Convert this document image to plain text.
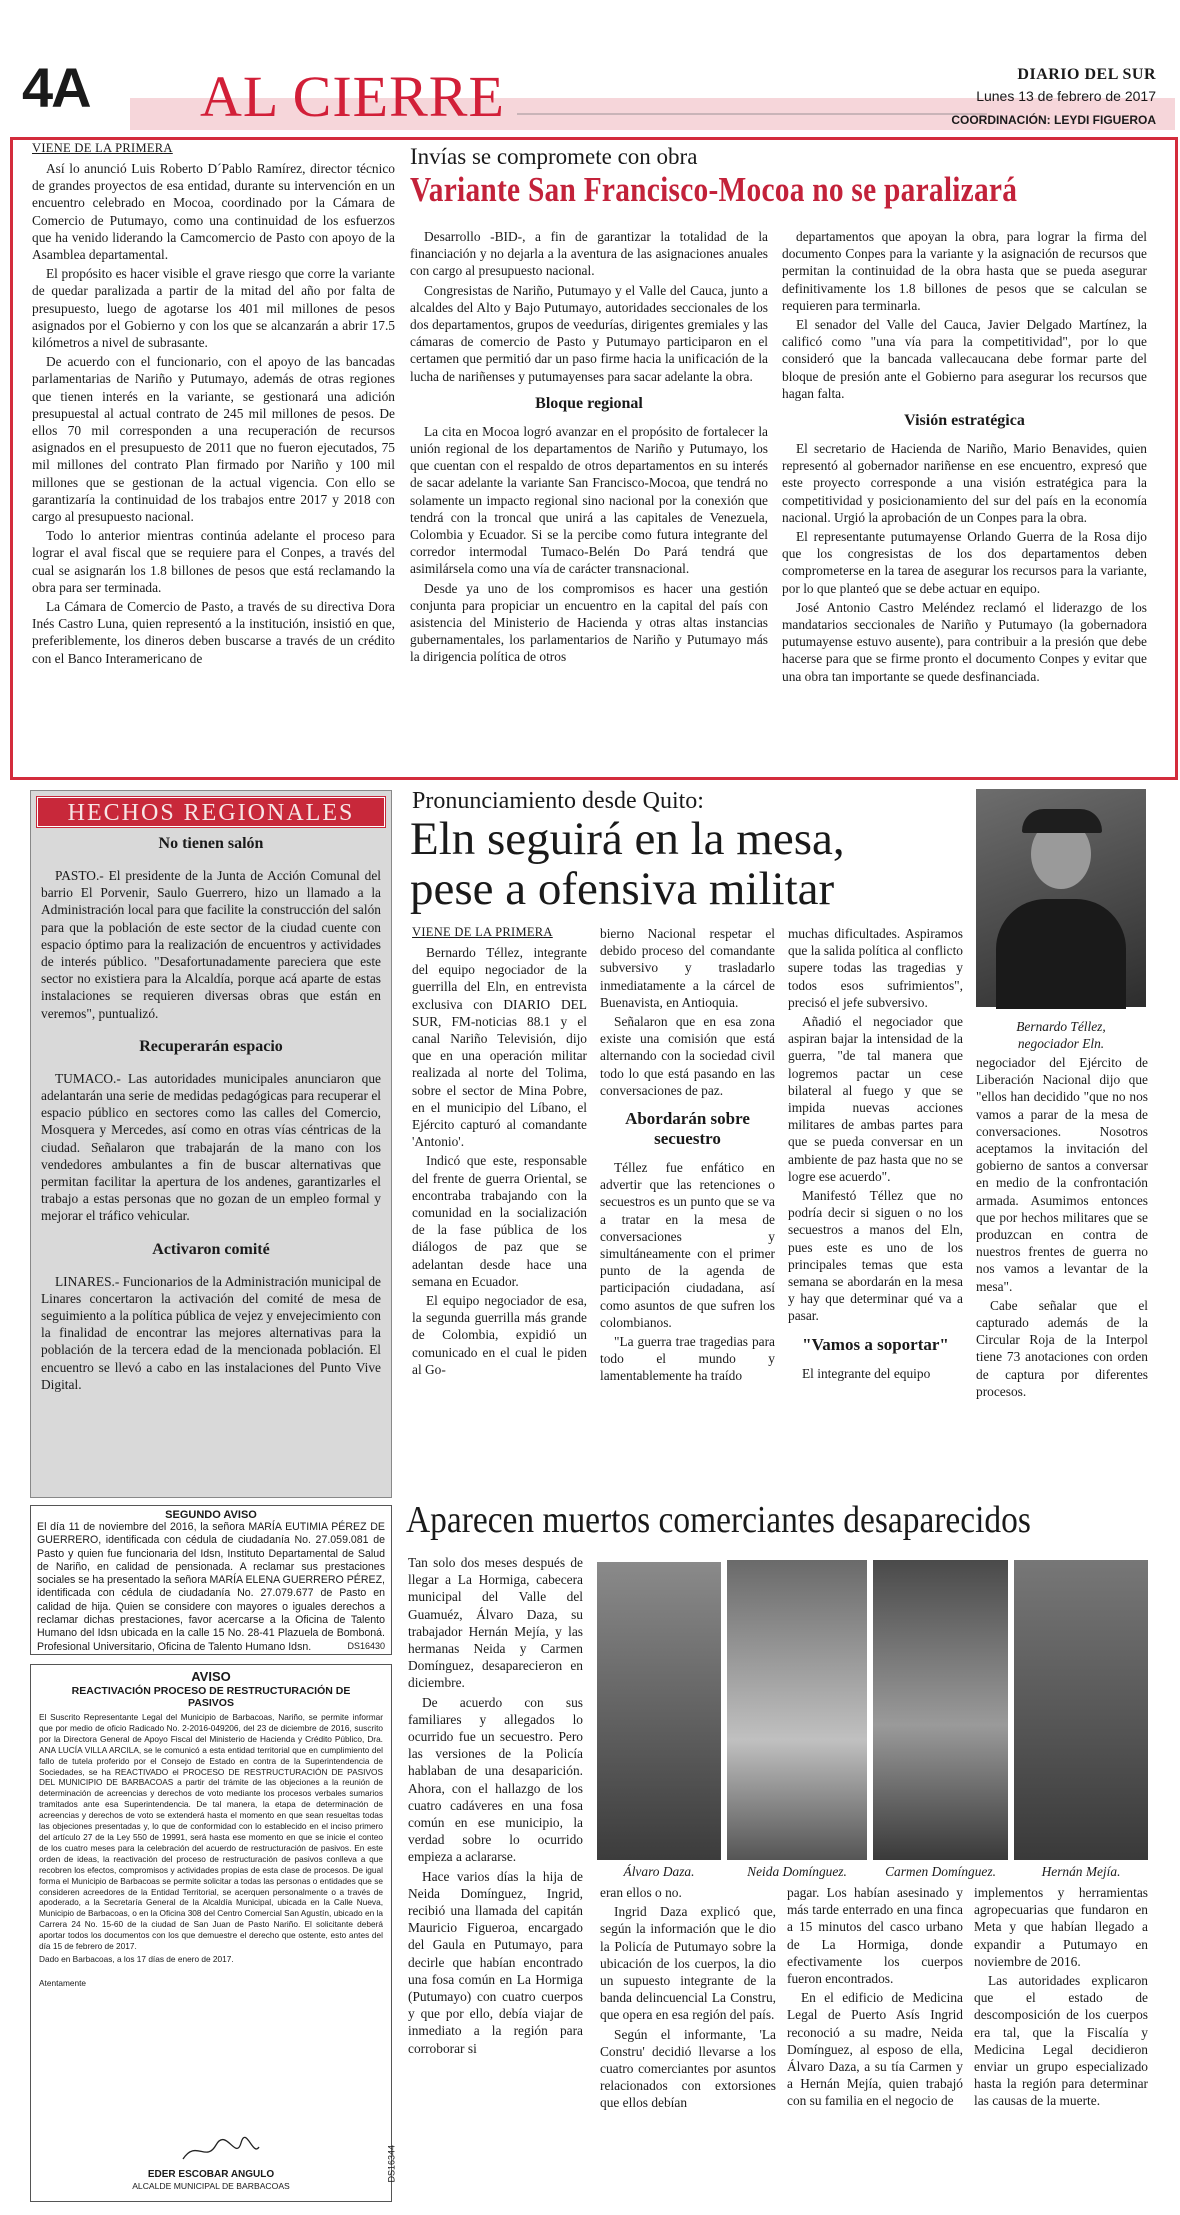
4A AL CIERRE	DIARIO DEL SUR
Lunes 13 de febrero de 2017
COORDINACIÓN: LEYDI FIGUEROA
VIENE DE LA PRIMERA

Así lo anunció Luis Roberto D´Pablo Ramírez, director técnico de grandes proyectos de esa entidad, durante su intervención en un encuentro celebrado en Mocoa, coordinado por la Cámara de Comercio de Putumayo, como una continuidad de los esfuerzos que ha venido liderando la Camcomercio de Pasto con apoyo de la Asamblea departamental.

El propósito es hacer visible el grave riesgo que corre la variante de quedar paralizada a partir de la mitad del año por falta de presupuesto, luego de agotarse los 401 mil millones de pesos asignados por el Gobierno y con los que se alcanzarán a abrir 17.5 kilómetros a nivel de subrasante.

De acuerdo con el funcionario, con el apoyo de las bancadas parlamentarias de Nariño y Putumayo, además de otras regiones que tienen interés en la variante, se gestionará una adición presupuestal al actual contrato de 245 mil millones de pesos. De ellos 70 mil corresponden a una recuperación de recursos asignados en el presupuesto de 2011 que no fueron ejecutados, 75 mil millones del contrato Plan firmado por Nariño y 100 mil millones que se gestionan de la actual vigencia. Con ello se garantizaría la continuidad de los trabajos entre 2017 y 2018 con cargo al presupuesto nacional.

Todo lo anterior mientras continúa adelante el proceso para lograr el aval fiscal que se requiere para el Conpes, a través del cual se asignarán los 1.8 billones de pesos que está reclamando la obra para ser terminada.

La Cámara de Comercio de Pasto, a través de su directiva Dora Inés Castro Luna, quien representó a la institución, insistió en que, preferiblemente, los dineros deben buscarse a través de un crédito con el Banco Interamericano de

Invías se compromete con obra
Variante San Francisco-Mocoa no se paralizará

Desarrollo -BID-, a fin de garantizar la totalidad de la financiación y no dejarla a la aventura de las asignaciones anuales con cargo al presupuesto nacional.

Congresistas de Nariño, Putumayo y el Valle del Cauca, junto a alcaldes del Alto y Bajo Putumayo, autoridades seccionales de los dos departamentos, grupos de veedurías, dirigentes gremiales y las cámaras de comercio de Pasto y Putumayo participaron en el certamen que permitió dar un paso firme hacia la unificación de la lucha de nariñenses y putumayenses para sacar adelante la obra.

Bloque regional

La cita en Mocoa logró avanzar en el propósito de fortalecer la unión regional de los departamentos de Nariño y Putumayo, los que cuentan con el respaldo de otros departamentos en su interés de sacar adelante la variante San Francisco-Mocoa, que tendrá no solamente un impacto regional sino nacional por la conexión que tendrá con la troncal que unirá a las capitales de Venezuela, Colombia y Ecuador. Si se la percibe como futura integrante del corredor intermodal Tumaco-Belén Do Pará tendrá que asimilársela como una vía de carácter transnacional.

Desde ya uno de los compromisos es hacer una gestión conjunta para propiciar un encuentro en la capital del país con asistencia del Ministerio de Hacienda y otras altas instancias gubernamentales, los parlamentarios de Nariño y Putumayo más la dirigencia política de otros

departamentos que apoyan la obra, para lograr la firma del documento Conpes para la variante y la asignación de recursos que permitan la continuidad de la obra hasta que se pueda asegurar definitivamente los 1.8 billones de pesos que se calculan se requieren para terminarla.

El senador del Valle del Cauca, Javier Delgado Martínez, la calificó como "una vía para la competitividad", por lo que consideró que la bancada vallecaucana debe formar parte del bloque de presión ante el Gobierno para asegurar los recursos que hagan falta.

Visión estratégica

El secretario de Hacienda de Nariño, Mario Benavides, quien representó al gobernador nariñense en ese encuentro, expresó que este proyecto corresponde a una visión estratégica para la competitividad y posicionamiento del sur del país en la economía nacional. Urgió la aprobación de un Conpes para la obra.

El representante putumayense Orlando Guerra de la Rosa dijo que los congresistas de los dos departamentos deben comprometerse en la tarea de asegurar los recursos para la variante, por lo que planteó que se debe actuar en equipo.

José Antonio Castro Meléndez reclamó el liderazgo de los mandatarios seccionales de Nariño y Putumayo (la gobernadora putumayense estuvo ausente), para contribuir a la presión que debe hacerse para que se firme pronto el documento Conpes y evitar que una obra tan importante se quede desfinanciada.

HECHOS REGIONALES
No tienen salón

PASTO.- El presidente de la Junta de Acción Comunal del barrio El Porvenir, Saulo Guerrero, hizo un llamado a la Administración local para que facilite la construcción del salón para que la población de este sector de la ciudad cuente con espacio óptimo para la realización de encuentros y actividades de interés público. "Desafortunadamente pareciera que este sector no existiera para la Alcaldía, porque acá aparte de estas instalaciones se requieren diversas obras que están en veremos", puntualizó.

Recuperarán espacio

TUMACO.- Las autoridades municipales anunciaron que adelantarán una serie de medidas pedagógicas para recuperar el espacio público en sectores como las calles del Comercio, Mosquera y Mercedes, así como en otras vías céntricas de la ciudad. Señalaron que trabajarán de la mano con los vendedores ambulantes a fin de buscar alternativas que permitan facilitar la apertura de los andenes, garantizarles el trabajo a estas personas que no gozan de un empleo formal y mejorar el tráfico vehicular.

Activaron comité

LINARES.- Funcionarios de la Administración municipal de Linares concertaron la activación del comité de mesa de seguimiento a la política pública de vejez y envejecimiento con la finalidad de encontrar las mejores alternativas para la población de la tercera edad de la mencionada población. El encuentro se llevó a cabo en las instalaciones del Punto Vive Digital.

SEGUNDO AVISO

El día 11 de noviembre del 2016, la señora MARÍA EUTIMIA PÉREZ DE GUERRERO, identificada con cédula de ciudadanía No. 27.059.081 de Pasto y quien fue funcionaria del Idsn, Instituto Departamental de Salud de Nariño, en calidad de pensionada. A reclamar sus prestaciones sociales se ha presentado la señora MARÍA ELENA GUERRERO PÉREZ, identificada con cédula de ciudadanía No. 27.079.677 de Pasto en calidad de hija. Quien se considere con mayores o iguales derechos a reclamar dichas prestaciones, favor acercarse a la Oficina de Talento Humano del Idsn ubicada en la calle 15 No. 28-41 Plazuela de Bomboná. Profesional Universitario, Oficina de Talento Humano Idsn.	DS16430
AVISO
REACTIVACIÓN PROCESO DE RESTRUCTURACIÓN DE PASIVOS
El Suscrito Representante Legal del Municipio de Barbacoas, Nariño, se permite informar que por medio de oficio Radicado No. 2-2016-049206, del 23 de diciembre de 2016, suscrito por la Directora General de Apoyo Fiscal del Ministerio de Hacienda y Crédito Público, Dra. ANA LUCÍA VILLA ARCILA, se le comunicó a esta entidad territorial que en cumplimiento del fallo de tutela proferido por el Consejo de Estado en contra de la Superintendencia de Sociedades, se ha REACTIVADO el PROCESO DE RESTRUCTURACIÓN DE PASIVOS DEL MUNICIPIO DE BARBACOAS a partir del trámite de las objeciones a la reunión de determinación de acreencias y derechos de voto mediante los procesos verbales sumarios tramitados ante esa Superintendencia. De tal manera, la etapa de determinación de acreencias y derechos de voto se extenderá hasta el momento en que sean resueltas todas las objeciones presentadas y, lo que de conformidad con lo establecido en el inciso primero del artículo 27 de la Ley 550 de 19991, será hasta ese momento en que se inicie el conteo de los cuatro meses para la celebración del acuerdo de restructuración de pasivos. En este orden de ideas, la reactivación del proceso de restructuración de pasivos conlleva a que recobren los efectos, compromisos y actividades propias de esta clase de procesos. De igual forma el Municipio de Barbacoas se permite solicitar a todas las personas o entidades que se consideren acreedores de la Entidad Territorial, se acerquen personalmente o a través de apoderado, a la Secretaría General de la Alcaldía Municipal, ubicada en la Calle Nueva, Municipio de Barbacoas, o en la Oficina 308 del Centro Comercial San Agustín, ubicado en la Carrera 24 No. 15-60 de la ciudad de San Juan de Pasto Nariño. El solicitante deberá aportar todos los documentos con los que demuestre el derecho que ostente, esto antes del día 15 de febrero de 2017.
Dado en Barbacoas, a los 17 días de enero de 2017.
Atentamente
EDER ESCOBAR ANGULO
ALCALDE MUNICIPAL DE BARBACOAS
DS16344
Pronunciamiento desde Quito:
Eln seguirá en la mesa,
pese a ofensiva militar
Bernardo Téllez,
negociador Eln.
VIENE DE LA PRIMERA

Bernardo Téllez, integrante del equipo negociador de la guerrilla del Eln, en entrevista exclusiva con DIARIO DEL SUR, FM-noticias 88.1 y el canal Nariño Televisión, dijo que en una operación militar realizada al norte del Tolima, sobre el sector de Mina Pobre, en el municipio del Líbano, el Ejército capturó al comandante 'Antonio'.

Indicó que este, responsable del frente de guerra Oriental, se encontraba trabajando con la comunidad en la socialización de la fase pública de los diálogos de paz que se adelantan desde hace una semana en Ecuador.

El equipo negociador de esa, la segunda guerrilla más grande de Colombia, expidió un comunicado en el cual le piden al Go-

bierno Nacional respetar el debido proceso del comandante subversivo y trasladarlo inmediatamente a la cárcel de Buenavista, en Antioquia.

Señalaron que en esa zona existe una comisión que está alternando con la sociedad civil todo lo que está pasando en las conversaciones de paz.

Abordarán sobre secuestro

Téllez fue enfático en advertir que las retenciones o secuestros es un punto que se va a tratar en la mesa de conversaciones y simultáneamente con el primer punto de la agenda de participación ciudadana, así como asuntos de que sufren los colombianos.

"La guerra trae tragedias para todo el mundo y lamentablemente ha traído

muchas dificultades. Aspiramos que la salida política al conflicto supere todas las tragedias y todos esos sufrimientos", precisó el jefe subversivo.

Añadió el negociador que aspiran bajar la intensidad de la guerra, "de tal manera que logremos pactar un cese bilateral al fuego y que se impida nuevas acciones militares de ambas partes para que se pueda conversar en un ambiente de paz hasta que no se logre ese acuerdo".

Manifestó Téllez que no podría decir si siguen o no los secuestros a manos del Eln, pues este es uno de los principales temas que esta semana se abordarán en la mesa y hay que determinar qué va a pasar.

"Vamos a soportar"

El integrante del equipo

negociador del Ejército de Liberación Nacional dijo que "ellos han decidido "que no nos vamos a parar de la mesa de conversaciones. Nosotros aceptamos la invitación del gobierno de santos a conversar en medio de la confrontación armada. Asumimos entonces que por hechos militares que se produzcan en contra de nuestros frentes de guerra no nos vamos a levantar de la mesa".

Cabe señalar que el capturado además de la Circular Roja de la Interpol tiene 73 anotaciones con orden de captura por diferentes procesos.

Aparecen muertos comerciantes desaparecidos

Tan solo dos meses después de llegar a La Hormiga, cabecera municipal del Valle del Guamuéz, Álvaro Daza, su trabajador Hernán Mejía, y las hermanas Neida y Carmen Domínguez, desaparecieron en diciembre.

De acuerdo con sus familiares y allegados lo ocurrido fue un secuestro. Pero las versiones de la Policía hablaban de una desaparición. Ahora, con el hallazgo de los cuatro cadáveres en una fosa común en ese municipio, la verdad sobre lo ocurrido empieza a aclararse.

Hace varios días la hija de Neida Domínguez, Ingrid, recibió una llamada del capitán Mauricio Figueroa, encargado del Gaula en Putumayo, para decirle que habían encontrado una fosa común en La Hormiga (Putumayo) con cuatro cuerpos y que por ello, debía viajar de inmediato a la región para corroborar si

Álvaro Daza.	Neida Domínguez.	Carmen Domínguez.	Hernán Mejía.

eran ellos o no.

Ingrid Daza explicó que, según la información que le dio la Policía de Putumayo sobre la ubicación de los cuerpos, la dio un supuesto integrante de la banda delincuencial La Constru, que opera en esa región del país.

Según el informante, 'La Constru' decidió llevarse a los cuatro comerciantes por asuntos relacionados con extorsiones que ellos debían

pagar. Los habían asesinado y más tarde enterrado en una finca a 15 minutos del casco urbano de La Hormiga, donde efectivamente los cuerpos fueron encontrados.

En el edificio de Medicina Legal de Puerto Asís Ingrid reconoció a su madre, Neida Domínguez, al esposo de ella, Álvaro Daza, a su tía Carmen y a Hernán Mejía, quien trabajó con su familia en el negocio de

implementos y herramientas agropecuarias que fundaron en Meta y que habían llegado a expandir a Putumayo en noviembre de 2016.

Las autoridades explicaron que el estado de descomposición de los cuerpos era tal, que la Fiscalía y Medicina Legal decidieron enviar un grupo especializado hasta la región para determinar las causas de la muerte.
